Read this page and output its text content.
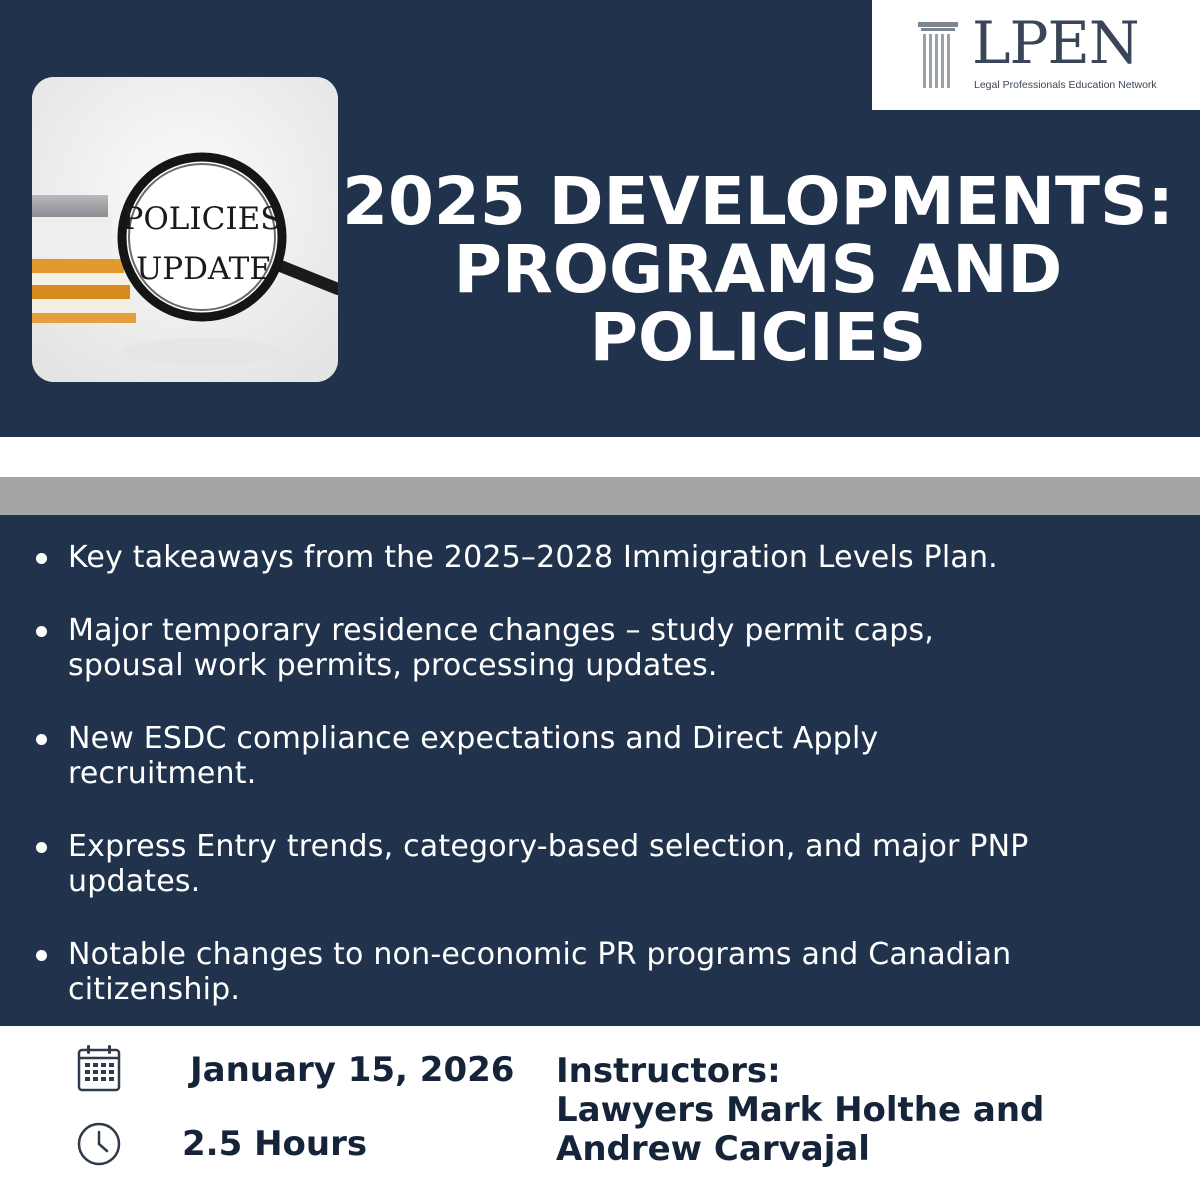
LPEN
Legal Professionals Education Network
POLICIES
UPDATE
2025 DEVELOPMENTS:
PROGRAMS AND
POLICIES
Key takeaways from the 2025–2028 Immigration Levels Plan.
Major temporary residence changes – study permit caps,
spousal work permits, processing updates.
New ESDC compliance expectations and Direct Apply
recruitment.
Express Entry trends, category-based selection, and major PNP
updates.
Notable changes to non-economic PR programs and Canadian
citizenship.
January 15, 2026
2.5 Hours
Instructors:
Lawyers Mark Holthe and
Andrew Carvajal
